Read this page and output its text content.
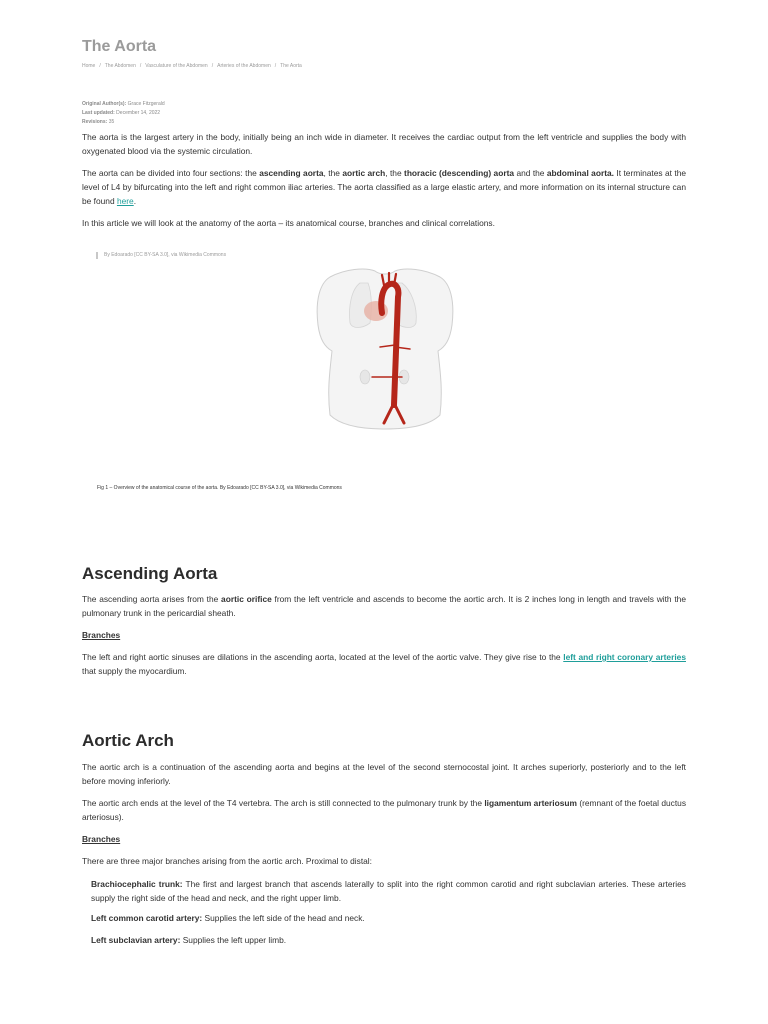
The Aorta
Home / The Abdomen / Vasculature of the Abdomen / Arteries of the Abdomen / The Aorta
Original Author(s): Grace Fitzgerald
Last updated: December 14, 2022
Revisions: 35

The aorta is the largest artery in the body, initially being an inch wide in diameter. It receives the cardiac output from the left ventricle and supplies the body with oxygenated blood via the systemic circulation.

The aorta can be divided into four sections: the ascending aorta, the aortic arch, the thoracic (descending) aorta and the abdominal aorta. It terminates at the level of L4 by bifurcating into the left and right common iliac arteries. The aorta classified as a large elastic artery, and more information on its internal structure can be found here.

In this article we will look at the anatomy of the aorta – its anatomical course, branches and clinical correlations.

By Edoarado [CC BY-SA 3.0], via Wikimedia Commons
Fig 1 – Overview of the anatomical course of the aorta. By Edoarado [CC BY-SA 3.0], via Wikimedia Commons
Ascending Aorta

The ascending aorta arises from the aortic orifice from the left ventricle and ascends to become the aortic arch. It is 2 inches long in length and travels with the pulmonary trunk in the pericardial sheath.

Branches

The left and right aortic sinuses are dilations in the ascending aorta, located at the level of the aortic valve. They give rise to the left and right coronary arteries that supply the myocardium.

Aortic Arch

The aortic arch is a continuation of the ascending aorta and begins at the level of the second sternocostal joint. It arches superiorly, posteriorly and to the left before moving inferiorly.

The aortic arch ends at the level of the T4 vertebra. The arch is still connected to the pulmonary trunk by the ligamentum arteriosum (remnant of the foetal ductus arteriosus).

Branches

There are three major branches arising from the aortic arch. Proximal to distal:

Brachiocephalic trunk: The first and largest branch that ascends laterally to split into the right common carotid and right subclavian arteries. These arteries supply the right side of the head and neck, and the right upper limb.

Left common carotid artery: Supplies the left side of the head and neck.

Left subclavian artery: Supplies the left upper limb.
